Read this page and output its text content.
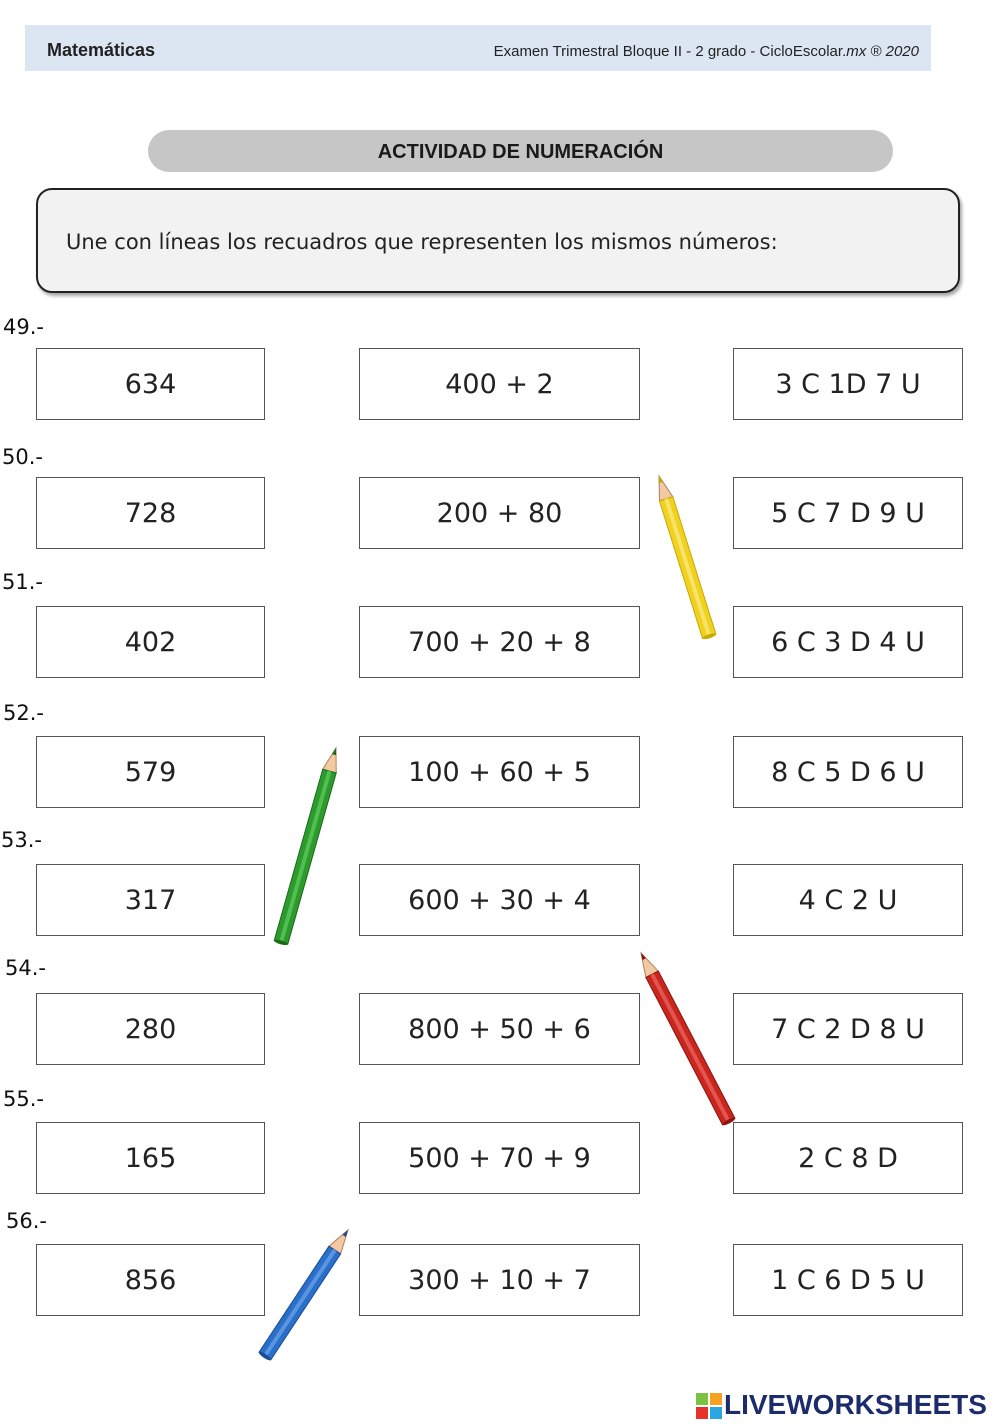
Matemáticas	Examen Trimestral Bloque II - 2 grado - CicloEscolar.mx ® 2020
ACTIVIDAD DE NUMERACIÓN
Une con líneas los recuadros que representen los mismos números:
49.-
634	400 + 2	3 C 1D 7 U
50.-
728	200 + 80	5 C 7 D 9 U
51.-
402	700 + 20 + 8	6 C 3 D 4 U
52.-
579	100 + 60 + 5	8 C 5 D 6 U
53.-
317	600 + 30 + 4	4 C 2 U
54.-
280	800 + 50 + 6	7 C 2 D 8 U
55.-
165	500 + 70 + 9	2 C 8 D
56.-
856	300 + 10 + 7	1 C 6 D 5 U
LIVEWORKSHEETS
